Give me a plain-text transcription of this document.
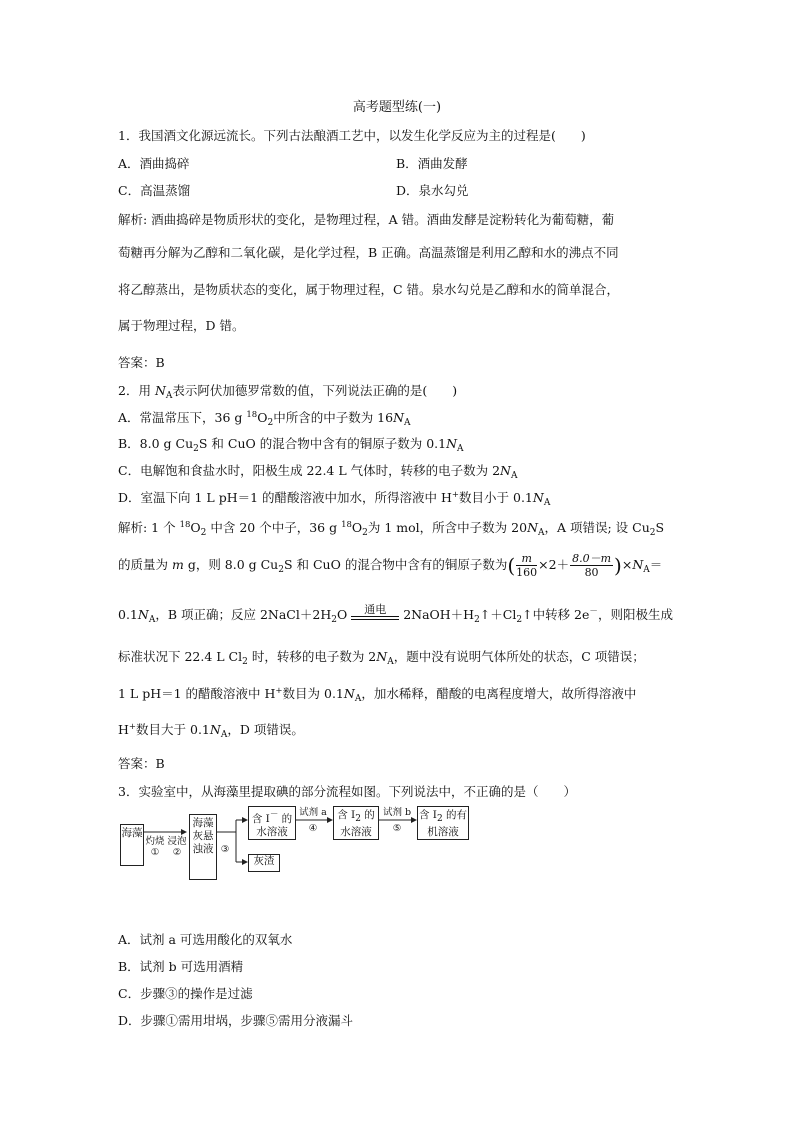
高考题型练(一)
1．我国酒文化源远流长。下列古法酿酒工艺中，以发生化学反应为主的过程是(　　)
A．酒曲捣碎	B．酒曲发酵
C．高温蒸馏	D．泉水勾兑
解析: 酒曲捣碎是物质形状的变化，是物理过程，A 错。酒曲发酵是淀粉转化为葡萄糖，葡
萄糖再分解为乙醇和二氧化碳，是化学过程，B 正确。高温蒸馏是利用乙醇和水的沸点不同
将乙醇蒸出，是物质状态的变化，属于物理过程，C 错。泉水勾兑是乙醇和水的简单混合，
属于物理过程，D 错。
答案：B
2．用 $N_A$表示阿伏加德罗常数的值，下列说法正确的是(　　)
A．常温常压下，36 g $^{18}O_2$中所含的中子数为 $16N_A$
B．8.0 g $Cu_2S$ 和 CuO 的混合物中含有的铜原子数为 $0.1N_A$
C．电解饱和食盐水时，阳极生成 22.4 L 气体时，转移的电子数为 $2N_A$
D．室温下向 1 L pH＝1 的醋酸溶液中加水，所得溶液中 H+数目小于 $0.1N_A$
解析: 1 个 $^{18}O_2$ 中含 20 个中子，36 g $^{18}O_2$为 1 mol，所含中子数为 $20N_A$，A 项错误; 设 $Cu_2S$
的质量为 m g，则 8.0 g $Cu_2S$ 和 CuO 的混合物中含有的铜原子数为( $\frac{m}{160} \times 2+ \frac{8.0-m}{80} )\times N_A=$
$0.1N_A$，B 项正确；反应 $2NaCl+2H_2O$	通电	$2NaOH+H_2↑+Cl_2↑$中转移 2e－，则阳极生成
标准状况下 22.4 L $Cl_2$ 时，转移的电子数为 $2N_A$，题中没有说明气体所处的状态，C 项错误；
1 L pH＝1 的醋酸溶液中 H+数目为 $0.1N_A$，加水稀释，醋酸的电离程度增大，故所得溶液中
H+数目大于 $0.1N_A$，D 项错误。
答案：B
3．实验室中，从海藻里提取碘的部分流程如图。下列说法中，不正确的是（　　）
海藻
灼烧
①
浸泡
②
海藻灰悬浊液 ③
含 I－ 的水溶液
灰渣
试剂 a
④
含 I2 的水溶液
试剂 b
⑤
含 I2 的有机溶液
A．试剂 a 可选用酸化的双氧水
B．试剂 b 可选用酒精
C．步骤③的操作是过滤
D．步骤①需用坩埚，步骤⑤需用分液漏斗
